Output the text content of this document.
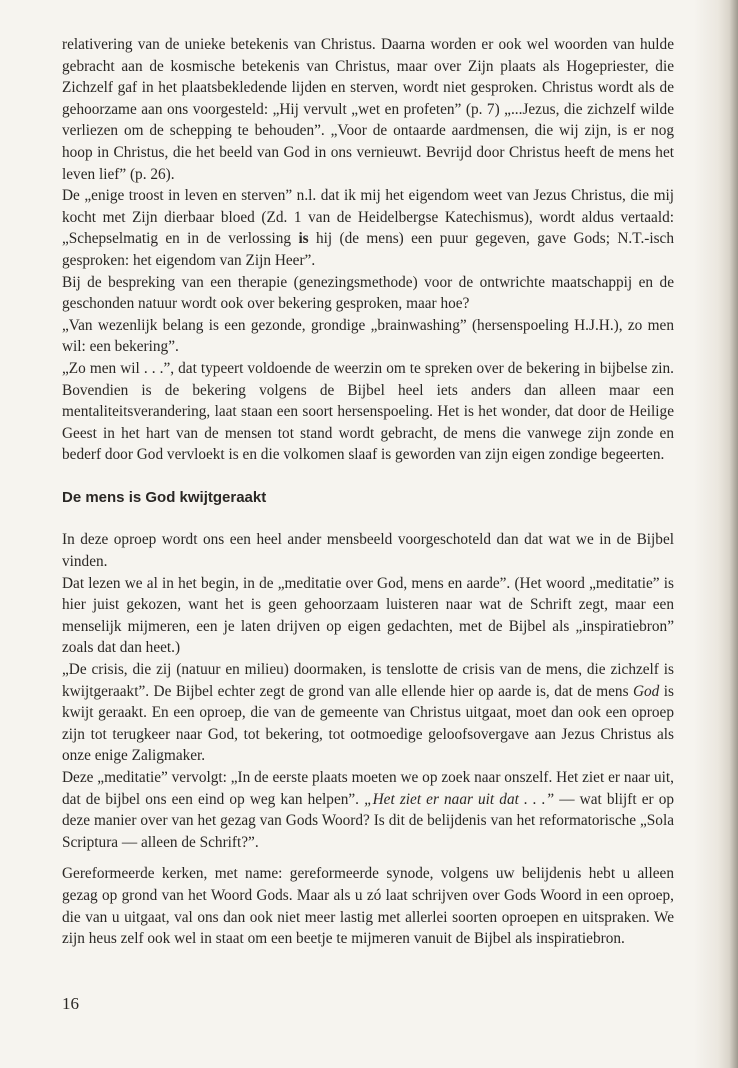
relativering van de unieke betekenis van Christus. Daarna worden er ook wel woorden van hulde gebracht aan de kosmische betekenis van Christus, maar over Zijn plaats als Hogepriester, die Zichzelf gaf in het plaatsbekledende lijden en sterven, wordt niet gesproken. Christus wordt als de gehoorzame aan ons voorgesteld: „Hij vervult „wet en profeten” (p. 7) „...Jezus, die zichzelf wilde verliezen om de schepping te behouden”. „Voor de ontaarde aardmensen, die wij zijn, is er nog hoop in Christus, die het beeld van God in ons vernieuwt. Bevrijd door Christus heeft de mens het leven lief” (p. 26).

De „enige troost in leven en sterven” n.l. dat ik mij het eigendom weet van Jezus Christus, die mij kocht met Zijn dierbaar bloed (Zd. 1 van de Heidelbergse Katechismus), wordt aldus vertaald: „Schepselmatig en in de verlossing is hij (de mens) een puur gegeven, gave Gods; N.T.-isch gesproken: het eigendom van Zijn Heer”.

Bij de bespreking van een therapie (genezingsmethode) voor de ontwrichte maatschappij en de geschonden natuur wordt ook over bekering gesproken, maar hoe?

„Van wezenlijk belang is een gezonde, grondige „brainwashing” (hersenspoeling H.J.H.), zo men wil: een bekering”.

„Zo men wil . . .”, dat typeert voldoende de weerzin om te spreken over de bekering in bijbelse zin. Bovendien is de bekering volgens de Bijbel heel iets anders dan alleen maar een mentaliteitsverandering, laat staan een soort hersenspoeling. Het is het wonder, dat door de Heilige Geest in het hart van de mensen tot stand wordt gebracht, de mens die vanwege zijn zonde en bederf door God vervloekt is en die volkomen slaaf is geworden van zijn eigen zondige begeerten.

De mens is God kwijtgeraakt

In deze oproep wordt ons een heel ander mensbeeld voorgeschoteld dan dat wat we in de Bijbel vinden.

Dat lezen we al in het begin, in de „meditatie over God, mens en aarde”. (Het woord „meditatie” is hier juist gekozen, want het is geen gehoorzaam luisteren naar wat de Schrift zegt, maar een menselijk mijmeren, een je laten drijven op eigen gedachten, met de Bijbel als „inspiratiebron” zoals dat dan heet.)

„De crisis, die zij (natuur en milieu) doormaken, is tenslotte de crisis van de mens, die zichzelf is kwijtgeraakt”. De Bijbel echter zegt de grond van alle ellende hier op aarde is, dat de mens God is kwijt geraakt. En een oproep, die van de gemeente van Christus uitgaat, moet dan ook een oproep zijn tot terugkeer naar God, tot bekering, tot ootmoedige geloofsovergave aan Jezus Christus als onze enige Zaligmaker.

Deze „meditatie” vervolgt: „In de eerste plaats moeten we op zoek naar onszelf. Het ziet er naar uit, dat de bijbel ons een eind op weg kan helpen”. „Het ziet er naar uit dat . . .” — wat blijft er op deze manier over van het gezag van Gods Woord? Is dit de belijdenis van het reformatorische „Sola Scriptura — alleen de Schrift?”.

Gereformeerde kerken, met name: gereformeerde synode, volgens uw belijdenis hebt u alleen gezag op grond van het Woord Gods. Maar als u zó laat schrijven over Gods Woord in een oproep, die van u uitgaat, val ons dan ook niet meer lastig met allerlei soorten oproepen en uitspraken. We zijn heus zelf ook wel in staat om een beetje te mijmeren vanuit de Bijbel als inspiratiebron.

16
